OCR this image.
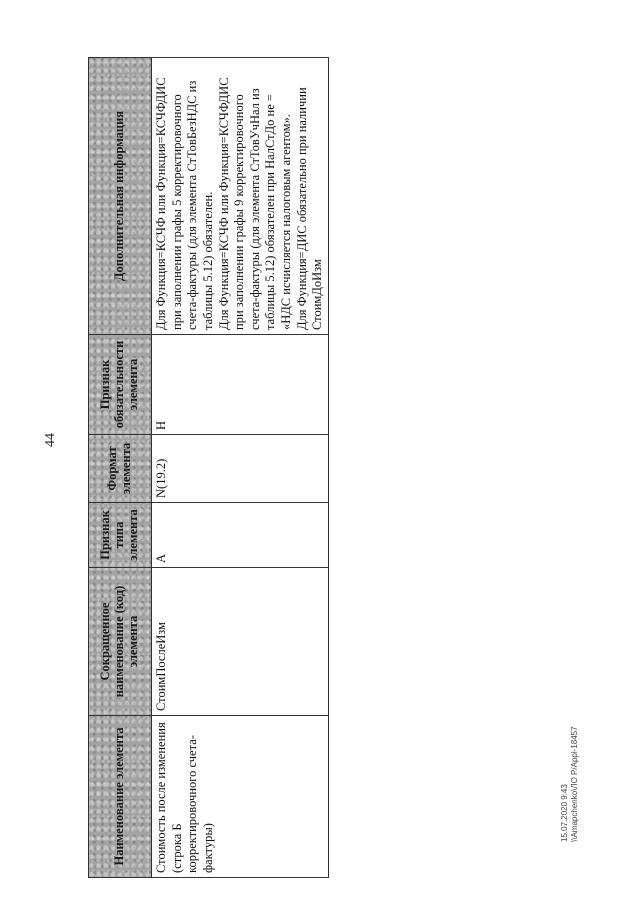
44
Наименование элемента	Сокращенное наименование (код) элемента	Признак типа элемента	Формат элемента	Признак обязательности элемента	Дополнительная информация
Стоимость после изменения (строка Б корректировочного счета-фактуры)	СтоимПослеИзм	А	N(19.2)	Н	Для Функция=КСЧФ или Функция=КСЧФДИС при заполнении графы 5 корректировочного счета-фактуры (для элемента СтТовБезНДС из таблицы 5.12) обязателен.
Для Функция=КСЧФ или Функция=КСЧФДИС при заполнении графы 9 корректировочного счета-фактуры (для элемента СтТовУчНал из таблицы 5.12) обязателен при НалСтДо не = «НДС исчисляется налоговым агентом».
Для Функция=ДИС обязательно при наличии СтоимДоИзм
15.07.2020 9:43 \\Amapchenko\ЛО Р/Appl-18457
